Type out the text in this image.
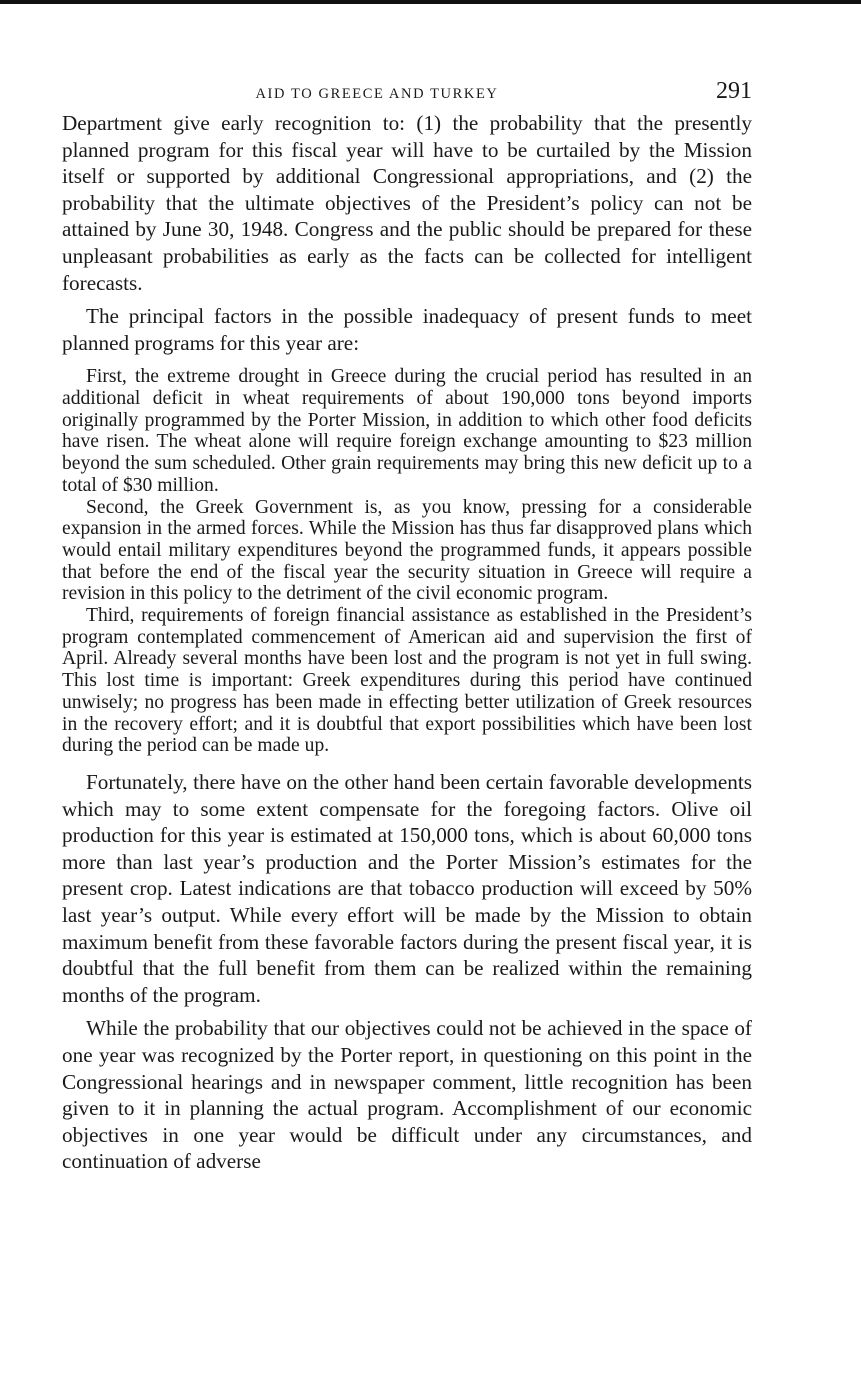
AID TO GREECE AND TURKEY	291

Department give early recognition to: (1) the probability that the presently planned program for this fiscal year will have to be curtailed by the Mission itself or supported by additional Congressional appropriations, and (2) the probability that the ultimate objectives of the President’s policy can not be attained by June 30, 1948. Congress and the public should be prepared for these unpleasant probabilities as early as the facts can be collected for intelligent forecasts.

The principal factors in the possible inadequacy of present funds to meet planned programs for this year are:

First, the extreme drought in Greece during the crucial period has resulted in an additional deficit in wheat requirements of about 190,000 tons beyond imports originally programmed by the Porter Mission, in addition to which other food deficits have risen. The wheat alone will require foreign exchange amounting to $23 million beyond the sum scheduled. Other grain requirements may bring this new deficit up to a total of $30 million.

Second, the Greek Government is, as you know, pressing for a considerable expansion in the armed forces. While the Mission has thus far disapproved plans which would entail military expenditures beyond the programmed funds, it appears possible that before the end of the fiscal year the security situation in Greece will require a revision in this policy to the detriment of the civil economic program.

Third, requirements of foreign financial assistance as established in the President’s program contemplated commencement of American aid and supervision the first of April. Already several months have been lost and the program is not yet in full swing. This lost time is important: Greek expenditures during this period have continued unwisely; no progress has been made in effecting better utilization of Greek resources in the recovery effort; and it is doubtful that export possibilities which have been lost during the period can be made up.

Fortunately, there have on the other hand been certain favorable developments which may to some extent compensate for the foregoing factors. Olive oil production for this year is estimated at 150,000 tons, which is about 60,000 tons more than last year’s production and the Porter Mission’s estimates for the present crop. Latest indications are that tobacco production will exceed by 50% last year’s output. While every effort will be made by the Mission to obtain maximum benefit from these favorable factors during the present fiscal year, it is doubtful that the full benefit from them can be realized within the remaining months of the program.

While the probability that our objectives could not be achieved in the space of one year was recognized by the Porter report, in questioning on this point in the Congressional hearings and in newspaper comment, little recognition has been given to it in planning the actual program. Accomplishment of our economic objectives in one year would be difficult under any circumstances, and continuation of adverse
